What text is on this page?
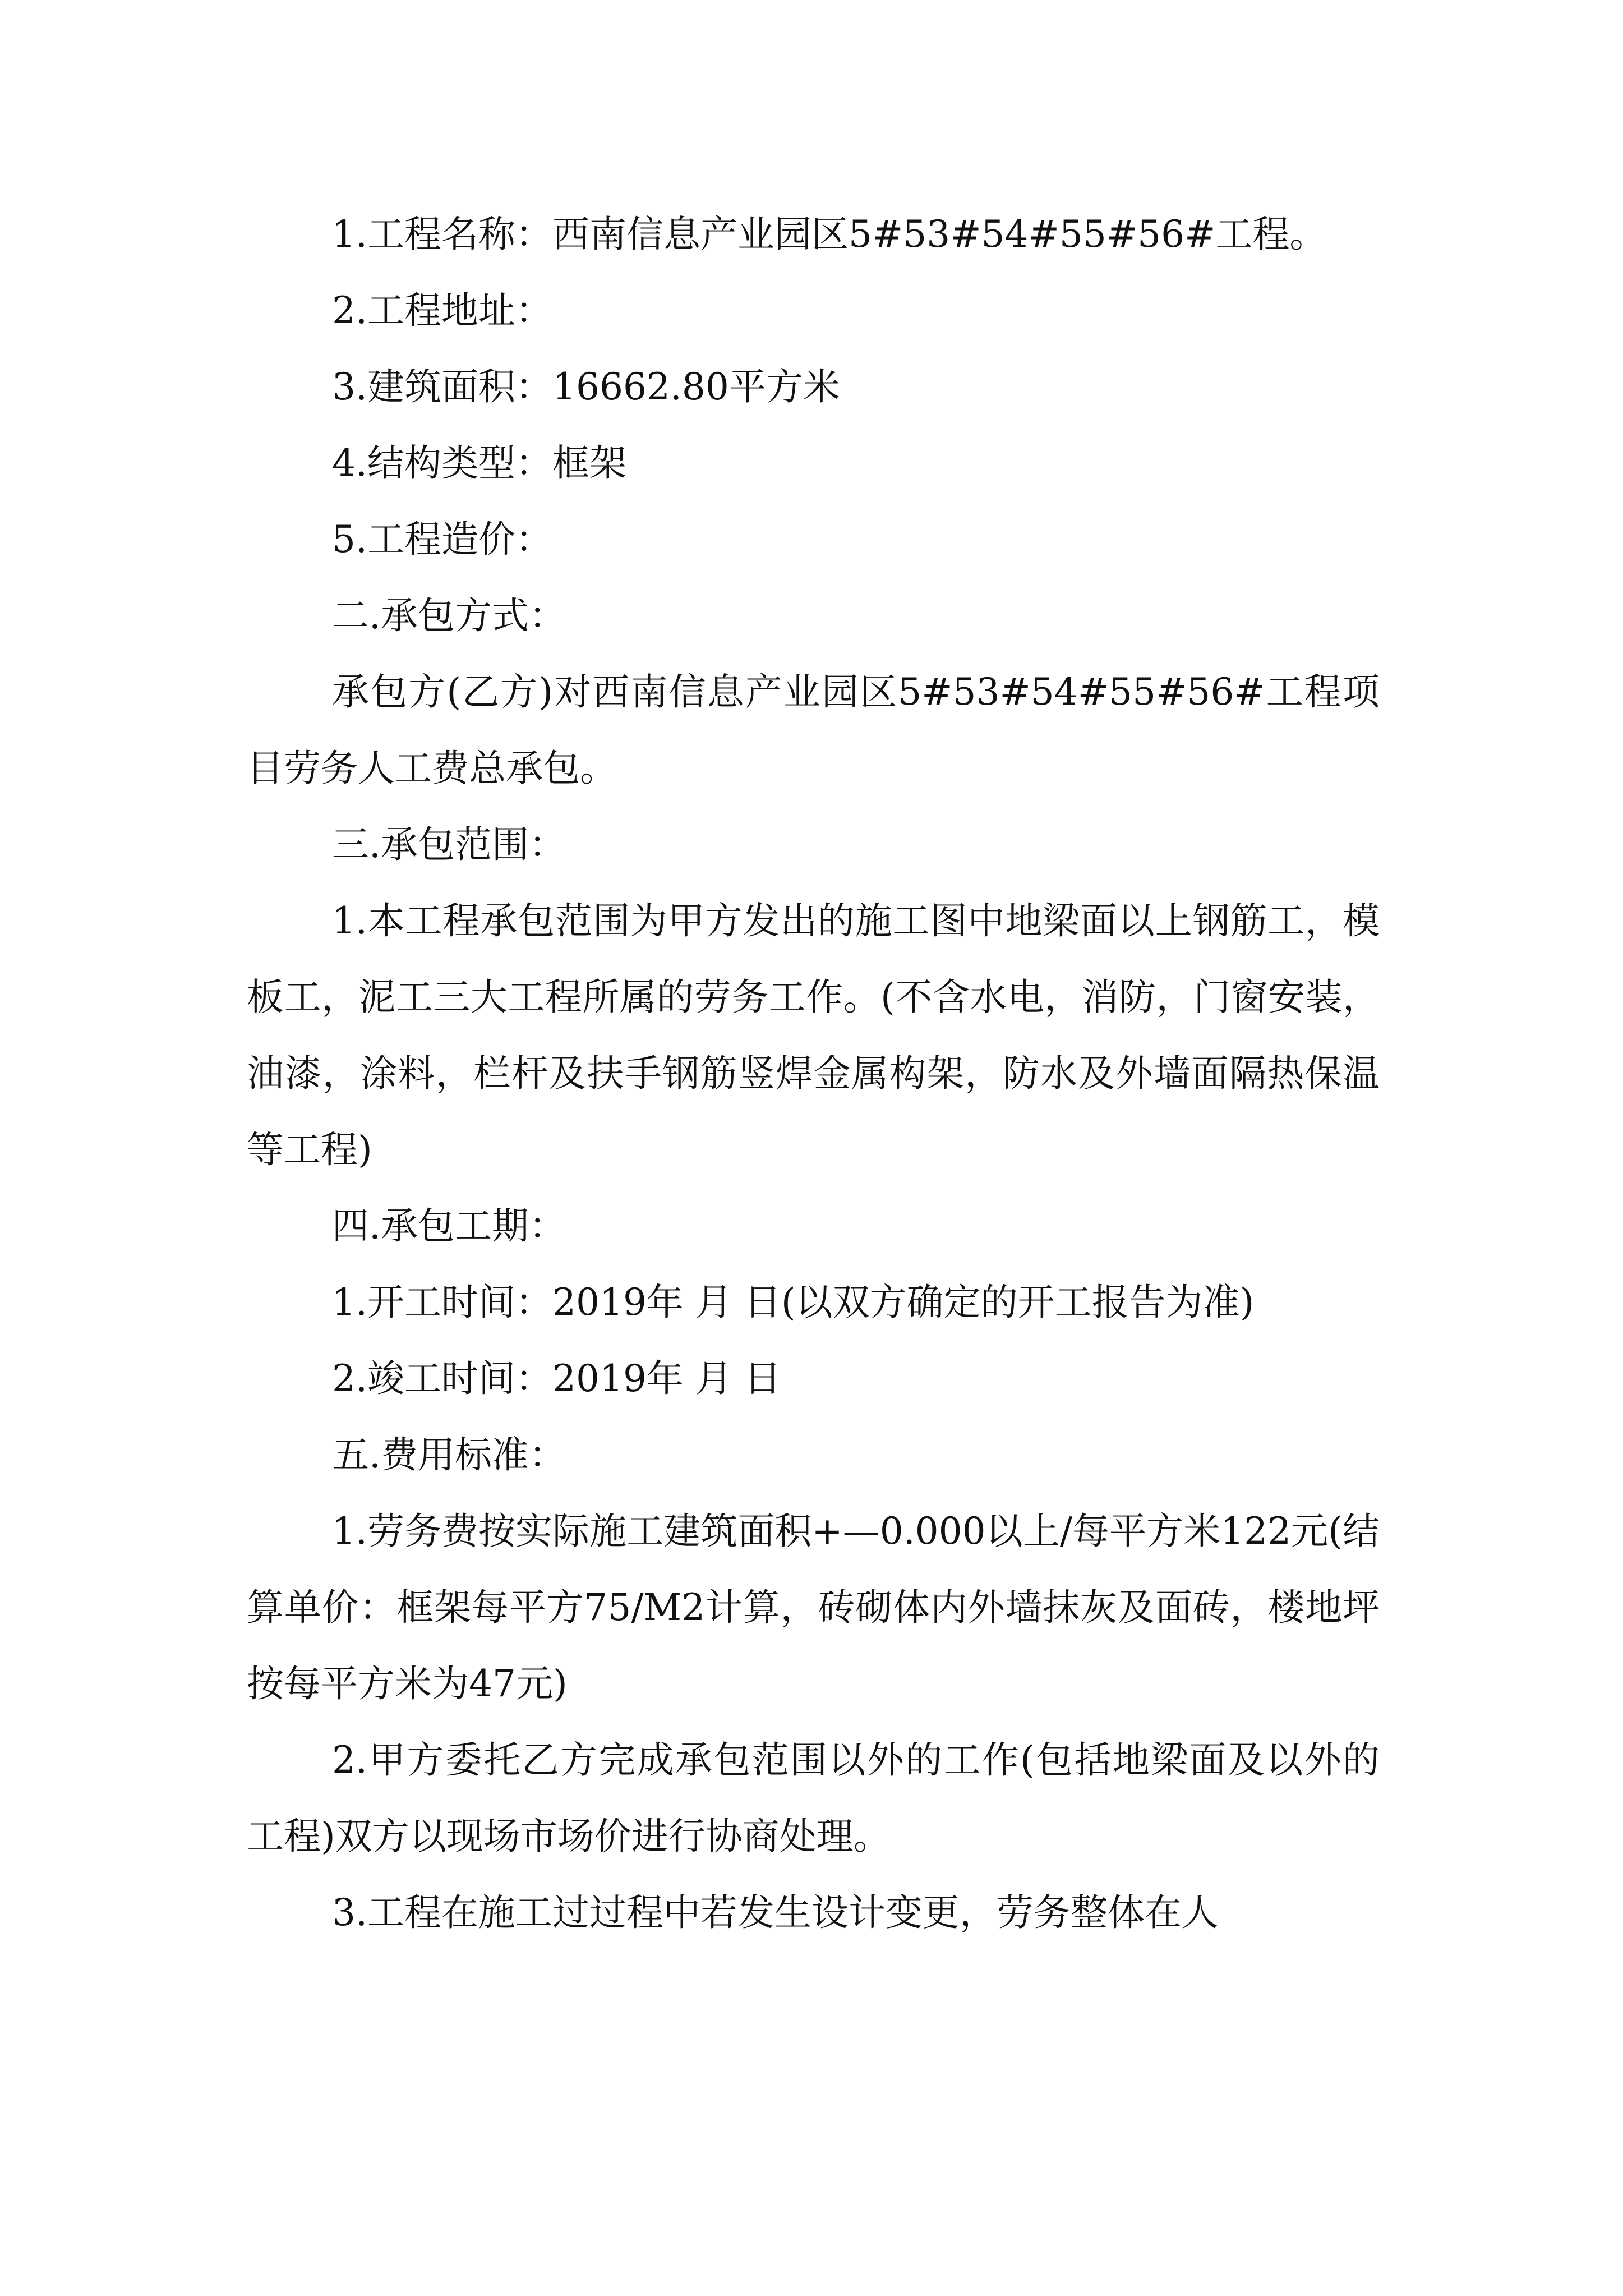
1.工程名称：西南信息产业园区5#53#54#55#56#工程。

2.工程地址：

3.建筑面积：16662.80平方米

4.结构类型：框架

5.工程造价：

二.承包方式：

承包方(乙方)对西南信息产业园区5#53#54#55#56#工程项目劳务人工费总承包。

三.承包范围：

1.本工程承包范围为甲方发出的施工图中地梁面以上钢筋工，模板工，泥工三大工程所属的劳务工作。(不含水电，消防，门窗安装，油漆，涂料，栏杆及扶手钢筋竖焊金属构架，防水及外墙面隔热保温等工程)

四.承包工期：

1.开工时间：2019年 月 日(以双方确定的开工报告为准)

2.竣工时间：2019年 月 日

五.费用标准：

1.劳务费按实际施工建筑面积+—0.000以上/每平方米122元(结算单价：框架每平方75/M2计算，砖砌体内外墙抹灰及面砖，楼地坪按每平方米为47元)

2.甲方委托乙方完成承包范围以外的工作(包括地梁面及以外的工程)双方以现场市场价进行协商处理。

3.工程在施工过过程中若发生设计变更，劳务整体在人
